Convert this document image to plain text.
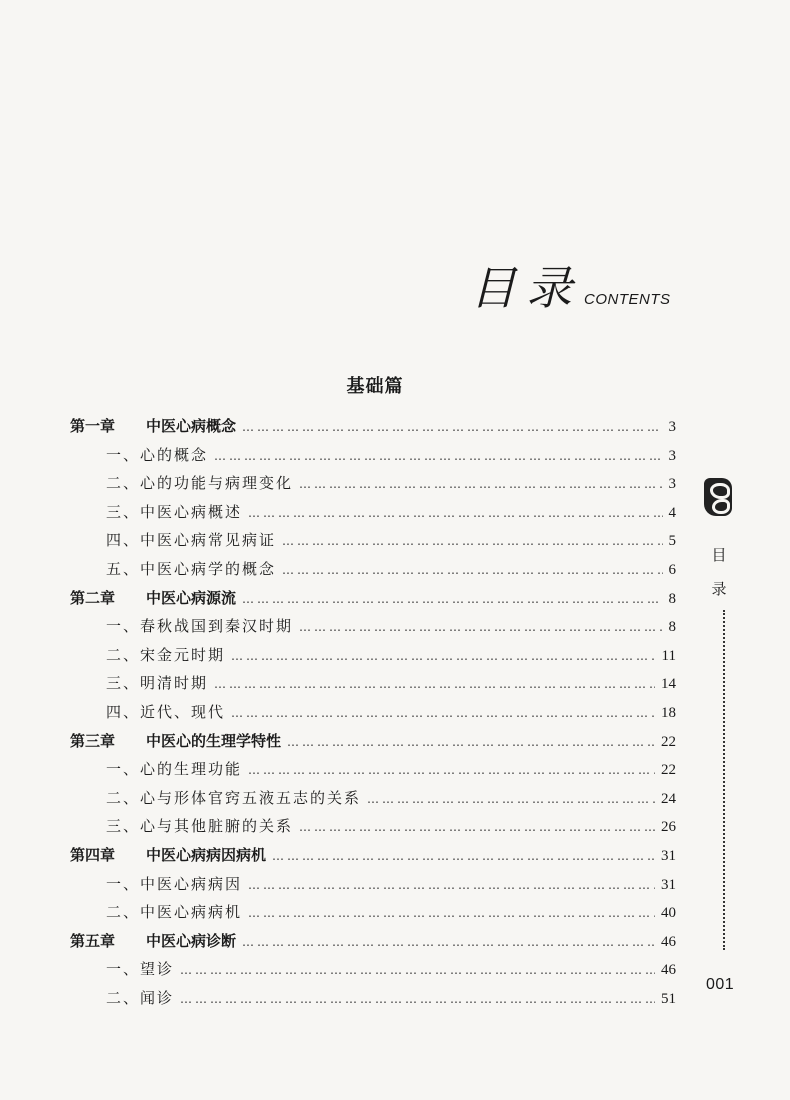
目录 CONTENTS
基础篇
第一章 中医心病概念 …………………………………………………………………………………………………………………………………………………………	3
一、心的概念 …………………………………………………………………………………………………………………………………………………………	3
二、心的功能与病理变化 …………………………………………………………………………………………………………………………………………………………	3
三、中医心病概述 …………………………………………………………………………………………………………………………………………………………	4
四、中医心病常见病证 …………………………………………………………………………………………………………………………………………………………	5
五、中医心病学的概念 …………………………………………………………………………………………………………………………………………………………	6
第二章 中医心病源流 …………………………………………………………………………………………………………………………………………………………	8
一、春秋战国到秦汉时期 …………………………………………………………………………………………………………………………………………………………	8
二、宋金元时期 …………………………………………………………………………………………………………………………………………………………	11
三、明清时期 …………………………………………………………………………………………………………………………………………………………	14
四、近代、现代 …………………………………………………………………………………………………………………………………………………………	18
第三章 中医心的生理学特性 …………………………………………………………………………………………………………………………………………………………	22
一、心的生理功能 …………………………………………………………………………………………………………………………………………………………	22
二、心与形体官窍五液五志的关系 …………………………………………………………………………………………………………………………………………………………	24
三、心与其他脏腑的关系 …………………………………………………………………………………………………………………………………………………………	26
第四章 中医心病病因病机 …………………………………………………………………………………………………………………………………………………………	31
一、中医心病病因 …………………………………………………………………………………………………………………………………………………………	31
二、中医心病病机 …………………………………………………………………………………………………………………………………………………………	40
第五章 中医心病诊断 …………………………………………………………………………………………………………………………………………………………	46
一、望诊 …………………………………………………………………………………………………………………………………………………………	46
二、闻诊 …………………………………………………………………………………………………………………………………………………………	51
目
录
001
